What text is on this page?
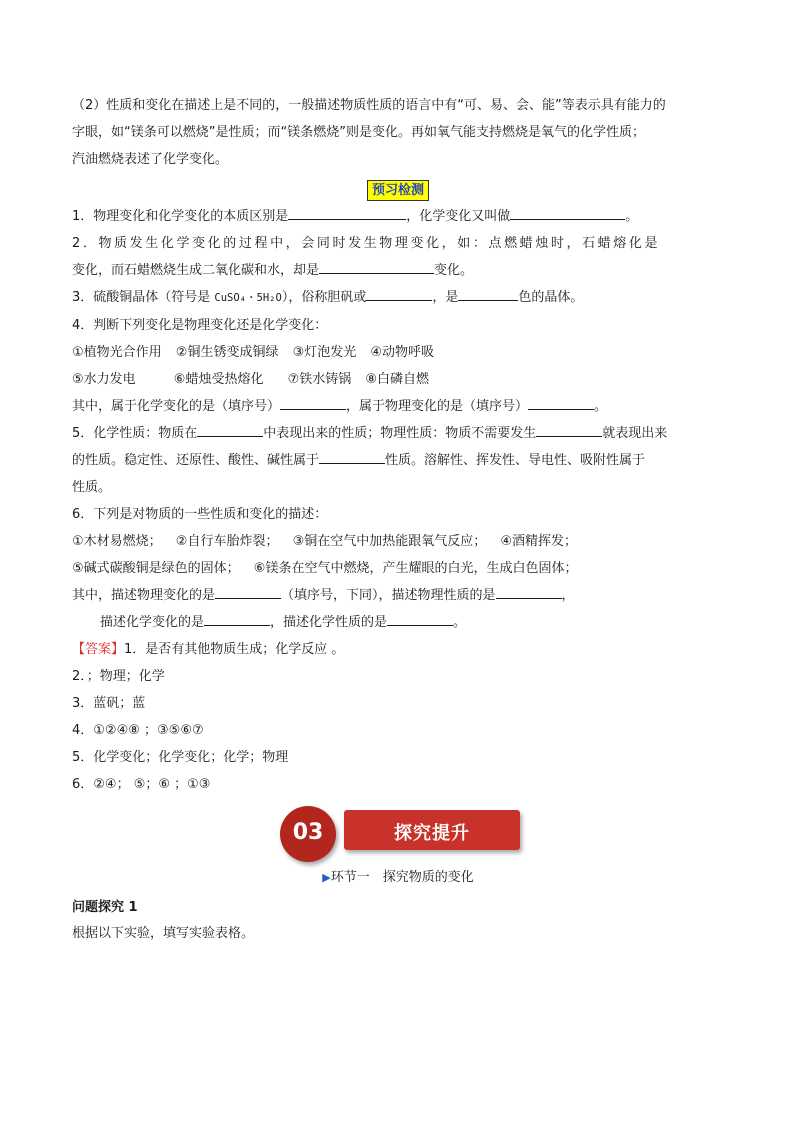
（2）性质和变化在描述上是不同的，一般描述物质性质的语言中有“可、易、会、能”等表示具有能力的

字眼，如“镁条可以燃烧”是性质；而“镁条燃烧”则是变化。再如氧气能支持燃烧是氧气的化学性质；

汽油燃烧表述了化学变化。

预习检测

1．物理变化和化学变化的本质区别是	，化学变化又叫做	。

2．物质发生化学变化的过程中，会同时发生物理变化，如：点燃蜡烛时，石蜡熔化是

变化，而石蜡燃烧生成二氧化碳和水，却是	变化。

3．硫酸铜晶体（符号是 CuSO₄・5H₂O），俗称胆矾或	，是	色的晶体。

4．判断下列变化是物理变化还是化学变化：

①植物光合作用 ②铜生锈变成铜绿 ③灯泡发光 ④动物呼吸

⑤水力发电	⑥蜡烛受热熔化 ⑦铁水铸锅 ⑧白磷自燃

其中，属于化学变化的是（填序号）	，属于物理变化的是（填序号）	。

5．化学性质：物质在	中表现出来的性质；物理性质：物质不需要发生	就表现出来

的性质。稳定性、还原性、酸性、碱性属于	性质。溶解性、挥发性、导电性、吸附性属于

性质。

6．下列是对物质的一些性质和变化的描述：

①木材易燃烧； ②自行车胎炸裂； ③铜在空气中加热能跟氧气反应； ④酒精挥发；

⑤碱式碳酸铜是绿色的固体； ⑥镁条在空气中燃烧，产生耀眼的白光，生成白色固体；

其中，描述物理变化的是	（填序号，下同），描述物理性质的是	，

描述化学变化的是	，描述化学性质的是	。

【答案】1．是否有其他物质生成；化学反应 。

2．；物理；化学

3．蓝矾；蓝

4．①②④⑧ ；③⑤⑥⑦

5．化学变化；化学变化；化学；物理

6．②④； ⑤；⑥ ；①③

03	探究提升
▶环节一　探究物质的变化
问题探究 1

根据以下实验，填写实验表格。
